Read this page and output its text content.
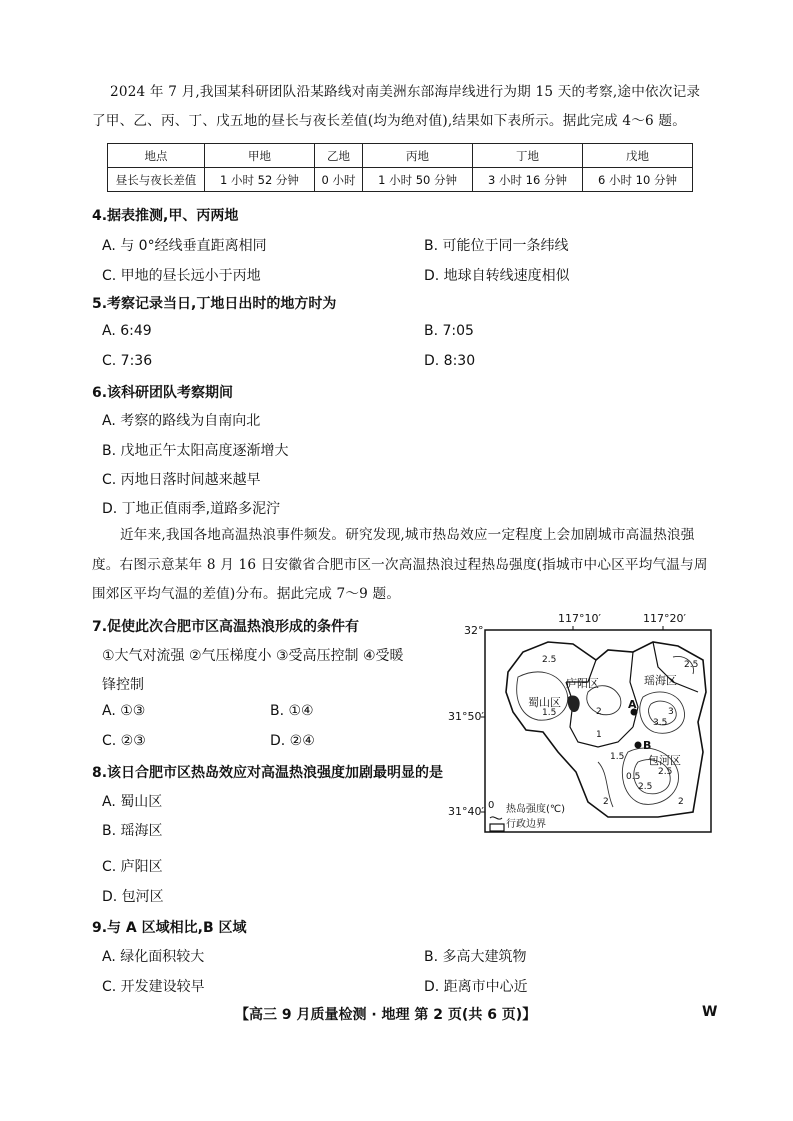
2024 年 7 月,我国某科研团队沿某路线对南美洲东部海岸线进行为期 15 天的考察,途中依次记录
了甲、乙、丙、丁、戊五地的昼长与夜长差值(均为绝对值),结果如下表所示。据此完成 4～6 题。
地点	甲地	乙地	丙地	丁地	戊地
昼长与夜长差值	1 小时 52 分钟	0 小时	1 小时 50 分钟	3 小时 16 分钟	6 小时 10 分钟
4.据表推测,甲、丙两地
A. 与 0°经线垂直距离相同	B. 可能位于同一条纬线
C. 甲地的昼长远小于丙地	D. 地球自转线速度相似
5.考察记录当日,丁地日出时的地方时为
A. 6:49	B. 7:05
C. 7:36	D. 8:30
6.该科研团队考察期间
A. 考察的路线为自南向北
B. 戊地正午太阳高度逐渐增大
C. 丙地日落时间越来越早
D. 丁地正值雨季,道路多泥泞
近年来,我国各地高温热浪事件频发。研究发现,城市热岛效应一定程度上会加剧城市高温热浪强
度。右图示意某年 8 月 16 日安徽省合肥市区一次高温热浪过程热岛强度(指城市中心区平均气温与周
围郊区平均气温的差值)分布。据此完成 7～9 题。
7.促使此次合肥市区高温热浪形成的条件有
①大气对流强 ②气压梯度小 ③受高压控制 ④受暖
锋控制
A. ①③	B. ①④
C. ②③	D. ②④
8.该日合肥市区热岛效应对高温热浪强度加剧最明显的是
A. 蜀山区
B. 瑶海区
C. 庐阳区
D. 包河区
9.与 A 区域相比,B 区域
A. 绿化面积较大	B. 多高大建筑物
C. 开发建设较早	D. 距离市中心近
【高三 9 月质量检测 · 地理 第 2 页(共 6 页)】	W
117°10′	117°20′
32°
31°50′
31°40′
蜀山区
庐阳区	瑶海区
包河区
A
B
2.5
1.5	2	3
3.5
2.5
1
1.5
0.5
2
2.5
2
2.5
0 热岛强度(℃)
行政边界
